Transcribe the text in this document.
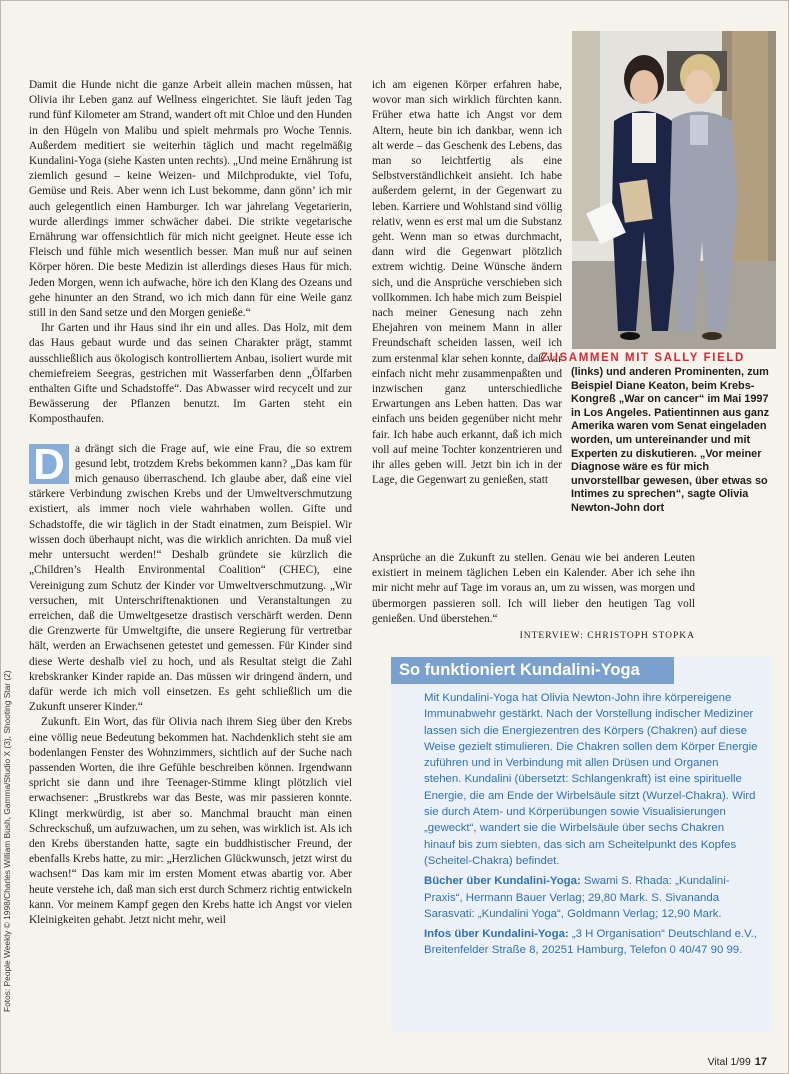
Damit die Hunde nicht die ganze Arbeit allein machen müssen, hat Olivia ihr Leben ganz auf Wellness eingerichtet. Sie läuft jeden Tag rund fünf Kilometer am Strand, wandert oft mit Chloe und den Hunden in den Hügeln von Malibu und spielt mehrmals pro Woche Tennis. Außerdem meditiert sie weiterhin täglich und macht regelmäßig Kundalini-Yoga (siehe Kasten unten rechts). „Und meine Ernährung ist ziemlich gesund – keine Weizen- und Milchprodukte, viel Tofu, Gemüse und Reis. Aber wenn ich Lust bekomme, dann gönn’ ich mir auch gelegentlich einen Hamburger. Ich war jahrelang Vegetarierin, wurde allerdings immer schwächer dabei. Die strikte vegetarische Ernährung war offensichtlich für mich nicht geeignet. Heute esse ich Fleisch und fühle mich wesentlich besser. Man muß nur auf seinen Körper hören. Die beste Medizin ist allerdings dieses Haus für mich. Jeden Morgen, wenn ich aufwache, höre ich den Klang des Ozeans und gehe hinunter an den Strand, wo ich mich dann für eine Weile ganz still in den Sand setze und den Morgen genieße.“

Ihr Garten und ihr Haus sind ihr ein und alles. Das Holz, mit dem das Haus gebaut wurde und das seinen Charakter prägt, stammt ausschließlich aus ökologisch kontrolliertem Anbau, isoliert wurde mit chemiefreiem Seegras, gestrichen mit Wasserfarben denn „Ölfarben enthalten Gifte und Schadstoffe“. Das Abwasser wird recycelt und zur Bewässerung der Pflanzen benutzt. Im Garten steht ein Komposthaufen.

D a drängt sich die Frage auf, wie eine Frau, die so extrem gesund lebt, trotzdem Krebs bekommen kann? „Das kam für mich genauso überraschend. Ich glaube aber, daß eine viel stärkere Verbindung zwischen Krebs und der Umweltverschmutzung existiert, als immer noch viele wahrhaben wollen. Gifte und Schadstoffe, die wir täglich in der Stadt einatmen, zum Beispiel. Wir wissen doch überhaupt nicht, was die wirklich anrichten. Da muß viel mehr untersucht werden!“ Deshalb gründete sie kürzlich die „Children’s Health Environmental Coalition“ (CHEC), eine Vereinigung zum Schutz der Kinder vor Umweltverschmutzung. „Wir versuchen, mit Unterschriftenaktionen und Veranstaltungen zu erreichen, daß die Umweltgesetze drastisch verschärft werden. Denn die Grenzwerte für Umweltgifte, die unsere Regierung für vertretbar hält, werden an Erwachsenen getestet und gemessen. Für Kinder sind diese Werte deshalb viel zu hoch, und als Resultat steigt die Zahl krebskranker Kinder rapide an. Das müssen wir dringend ändern, und dafür werde ich mich voll einsetzen. Es geht schließlich um die Zukunft unserer Kinder.“

Zukunft. Ein Wort, das für Olivia nach ihrem Sieg über den Krebs eine völlig neue Bedeutung bekommen hat. Nachdenklich steht sie am bodenlangen Fenster des Wohnzimmers, sichtlich auf der Suche nach passenden Worten, die ihre Gefühle beschreiben können. Irgendwann spricht sie dann und ihre Teenager-Stimme klingt plötzlich viel erwachsener: „Brustkrebs war das Beste, was mir passieren konnte. Klingt merkwürdig, ist aber so. Manchmal braucht man einen Schreckschuß, um aufzuwachen, um zu sehen, was wirklich ist. Als ich den Krebs überstanden hatte, sagte ein buddhistischer Freund, der ebenfalls Krebs hatte, zu mir: „Herzlichen Glückwunsch, jetzt wirst du wachsen!“ Das kam mir im ersten Moment etwas abartig vor. Aber heute verstehe ich, daß man sich erst durch Schmerz richtig entwickeln kann. Vor meinem Kampf gegen den Krebs hatte ich Angst vor vielen Kleinigkeiten gehabt. Jetzt nicht mehr, weil

ich am eigenen Körper erfahren habe, wovor man sich wirklich fürchten kann. Früher etwa hatte ich Angst vor dem Altern, heute bin ich dankbar, wenn ich alt werde – das Geschenk des Lebens, das man so leichtfertig als eine Selbstverständlichkeit ansieht. Ich habe außerdem gelernt, in der Gegenwart zu leben. Karriere und Wohlstand sind völlig relativ, wenn es erst mal um die Substanz geht. Wenn man so etwas durchmacht, dann wird die Gegenwart plötzlich extrem wichtig. Deine Wünsche ändern sich, und die Ansprüche verschieben sich vollkommen. Ich habe mich zum Beispiel nach meiner Genesung nach zehn Ehejahren von meinem Mann in aller Freundschaft scheiden lassen, weil ich zum erstenmal klar sehen konnte, daß wir einfach nicht mehr zusammenpaßten und inzwischen ganz unterschiedliche Erwartungen ans Leben hatten. Das war einfach uns beiden gegenüber nicht mehr fair. Ich habe auch erkannt, daß ich mich voll auf meine Tochter konzentrieren und ihr alles geben will. Jetzt bin ich in der Lage, die Gegenwart zu genießen, statt

Ansprüche an die Zukunft zu stellen. Genau wie bei anderen Leuten existiert in meinem täglichen Leben ein Kalender. Aber ich sehe ihn mir nicht mehr auf Tage im voraus an, um zu wissen, was morgen und übermorgen passieren soll. Ich will lieber den heutigen Tag voll genießen. Und überstehen.“

INTERVIEW: CHRISTOPH STOPKA
ZUSAMMEN MIT SALLY FIELD
(links) und anderen Prominenten, zum Beispiel Diane Keaton, beim Krebs-Kongreß „War on cancer“ im Mai 1997 in Los Angeles. Patientinnen aus ganz Amerika waren vom Senat eingeladen worden, um untereinander und mit Experten zu diskutieren. „Vor meiner Diagnose wäre es für mich unvorstellbar gewesen, über etwas so Intimes zu sprechen“, sagte Olivia Newton-John dort
Fotos: People Weekly © 1998/Charles William Bush, Gamma/Studio X (3), Shooting Star (2)
So funktioniert Kundalini-Yoga

Mit Kundalini-Yoga hat Olivia Newton-John ihre körpereigene Immunabwehr gestärkt. Nach der Vorstellung indischer Mediziner lassen sich die Energiezentren des Körpers (Chakren) auf diese Weise gezielt stimulieren. Die Chakren sollen dem Körper Energie zuführen und in Verbindung mit allen Drüsen und Organen stehen. Kundalini (übersetzt: Schlangenkraft) ist eine spirituelle Energie, die am Ende der Wirbelsäule sitzt (Wurzel-Chakra). Wird sie durch Atem- und Körperübungen sowie Visualisierungen „geweckt“, wandert sie die Wirbelsäule über sechs Chakren hinauf bis zum siebten, das sich am Scheitelpunkt des Kopfes (Scheitel-Chakra) befindet.

Bücher über Kundalini-Yoga: Swami S. Rhada: „Kundalini-Praxis“, Hermann Bauer Verlag; 29,80 Mark. S. Sivananda Sarasvati: „Kundalini Yoga“, Goldmann Verlag; 12,90 Mark.

Infos über Kundalini-Yoga: „3 H Organisation“ Deutschland e.V., Breitenfelder Straße 8, 20251 Hamburg, Telefon 0 40/47 90 99.

Vital 1/99 17
